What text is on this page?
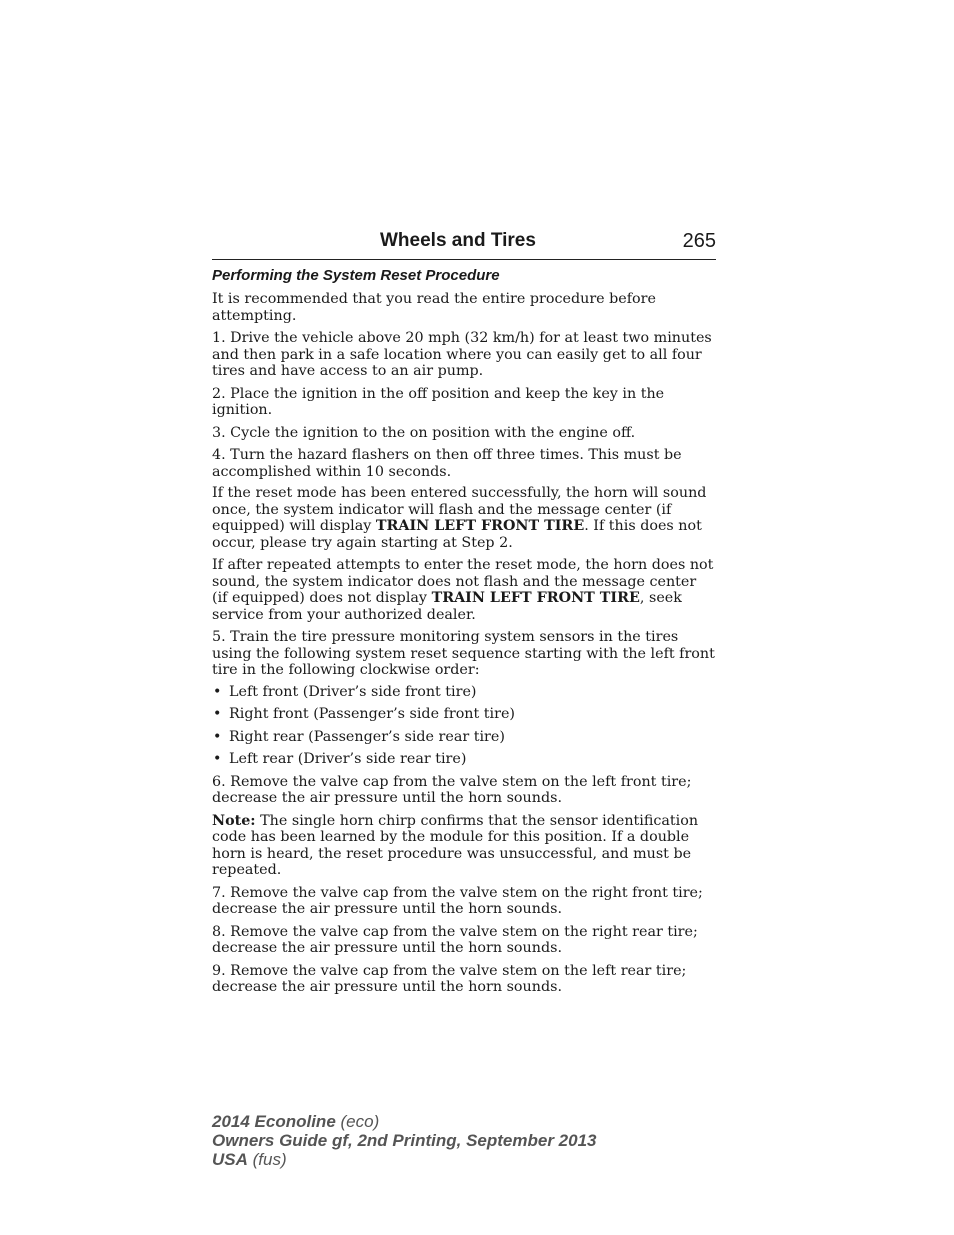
Wheels and Tires	265
Performing the System Reset Procedure

It is recommended that you read the entire procedure before attempting.

1. Drive the vehicle above 20 mph (32 km/h) for at least two minutes and then park in a safe location where you can easily get to all four tires and have access to an air pump.

2. Place the ignition in the off position and keep the key in the ignition.

3. Cycle the ignition to the on position with the engine off.

4. Turn the hazard flashers on then off three times. This must be accomplished within 10 seconds.

If the reset mode has been entered successfully, the horn will sound once, the system indicator will flash and the message center (if equipped) will display TRAIN LEFT FRONT TIRE. If this does not occur, please try again starting at Step 2.

If after repeated attempts to enter the reset mode, the horn does not sound, the system indicator does not flash and the message center (if equipped) does not display TRAIN LEFT FRONT TIRE, seek service from your authorized dealer.

5. Train the tire pressure monitoring system sensors in the tires using the following system reset sequence starting with the left front tire in the following clockwise order:

• Left front (Driver’s side front tire)
• Right front (Passenger’s side front tire)
• Right rear (Passenger’s side rear tire)
• Left rear (Driver’s side rear tire)

6. Remove the valve cap from the valve stem on the left front tire; decrease the air pressure until the horn sounds.

Note: The single horn chirp confirms that the sensor identification code has been learned by the module for this position. If a double horn is heard, the reset procedure was unsuccessful, and must be repeated.

7. Remove the valve cap from the valve stem on the right front tire; decrease the air pressure until the horn sounds.

8. Remove the valve cap from the valve stem on the right rear tire; decrease the air pressure until the horn sounds.

9. Remove the valve cap from the valve stem on the left rear tire; decrease the air pressure until the horn sounds.

2014 Econoline (eco)
Owners Guide gf, 2nd Printing, September 2013
USA (fus)
